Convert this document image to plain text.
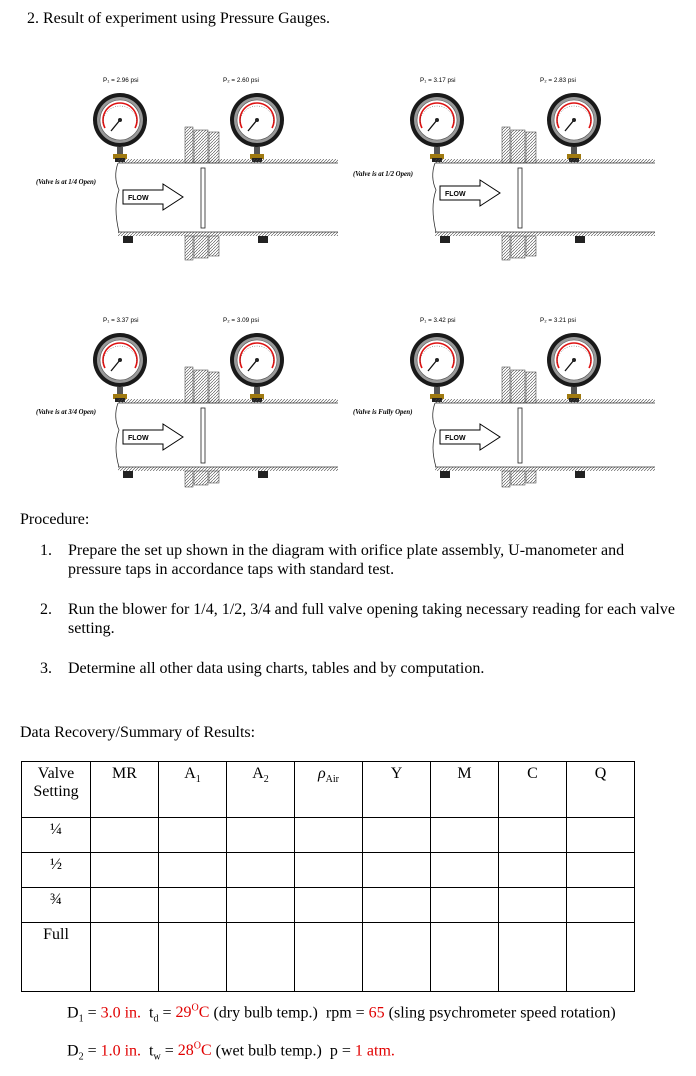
2. Result of experiment using Pressure Gauges.
P₁ = 2.96 psi	P₂ = 2.60 psi
(Valve is at 1/4 Open)
FLOW
P₁ = 3.17 psi	P₂ = 2.83 psi
(Valve is at 1/2 Open)
FLOW
P₁ = 3.37 psi	P₂ = 3.09 psi
(Valve is at 3/4 Open)
FLOW
P₁ = 3.42 psi	P₂ = 3.21 psi
(Valve is Fully Open)
FLOW
Procedure:
1. Prepare the set up shown in the diagram with orifice plate assembly, U-manometer and pressure taps in accordance taps with standard test.
2. Run the blower for 1/4, 1/2, 3/4 and full valve opening taking necessary reading for each valve setting.
3. Determine all other data using charts, tables and by computation.
Data Recovery/Summary of Results:
Valve Setting	MR	$A_1$	$A_2$	$\rho_{Air}$	Y	M	C	Q
¼								
½								
¾								
Full								
$D_1 = 3.0$ in. $t_d = 29^OC$ (dry bulb temp.) rpm = 65 (sling psychrometer speed rotation)
$D_2 = 1.0$ in. $t_w = 28^OC$ (wet bulb temp.) p = 1 atm.
